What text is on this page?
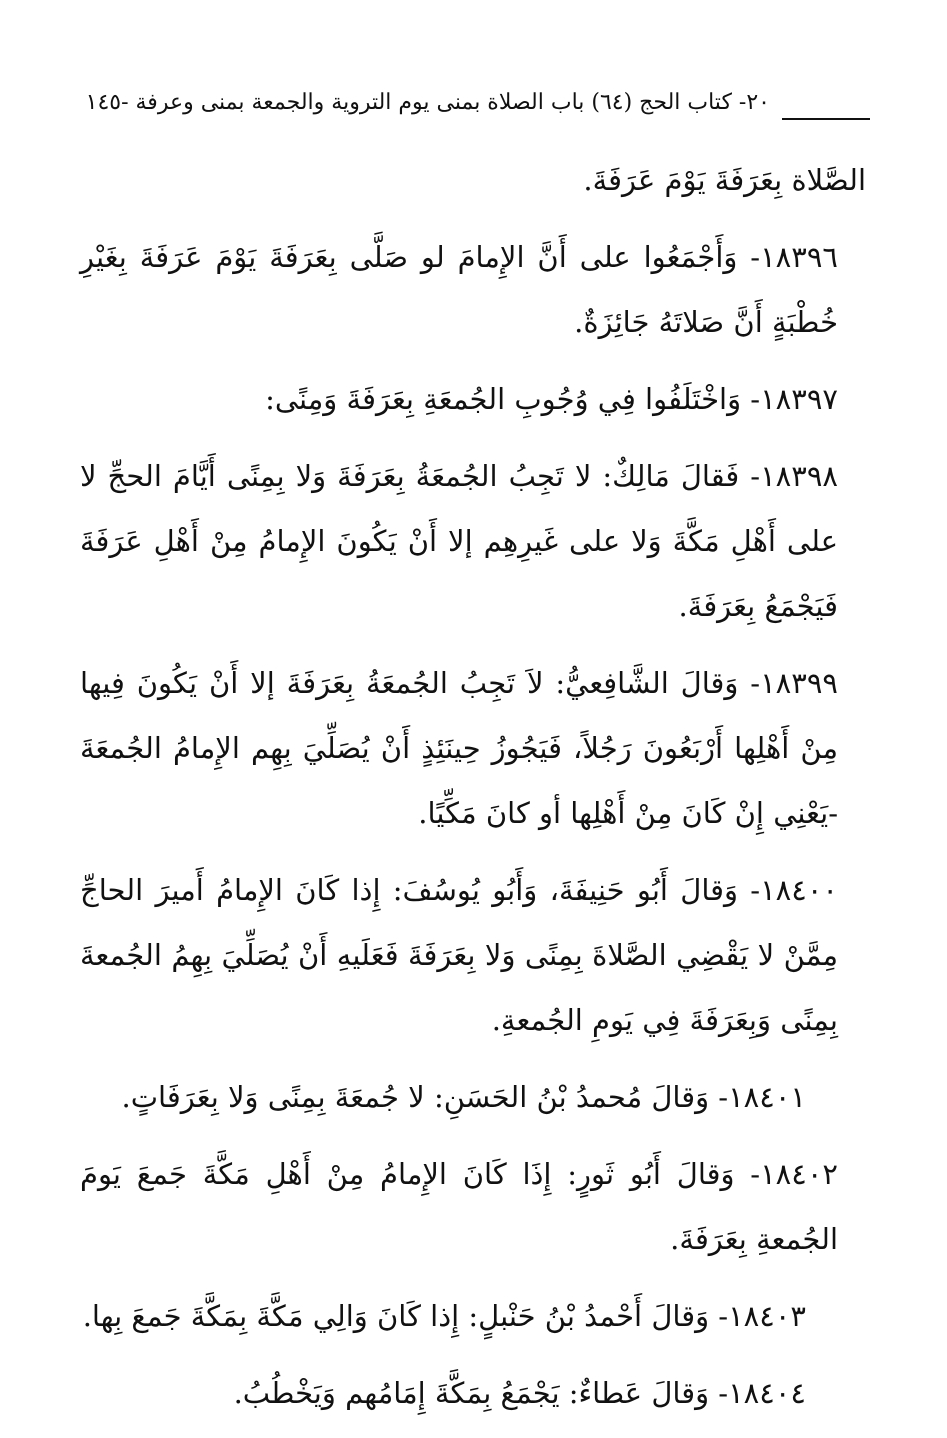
٢٠- كتاب الحج (٦٤) باب الصلاة بمنى يوم التروية والجمعة بمنى وعرفة -١٤٥

الصَّلاة بِعَرَفَةَ يَوْمَ عَرَفَةَ.

١٨٣٩٦- وَأَجْمَعُوا على أَنَّ الإِمامَ لو صَلَّى بِعَرَفَةَ يَوْمَ عَرَفَةَ بِغَيْرِ خُطْبَةٍ أَنَّ صَلاتَهُ جَائِزَةٌ.

١٨٣٩٧- وَاخْتَلَفُوا فِي وُجُوبِ الجُمعَةِ بِعَرَفَةَ وَمِنًى:

١٨٣٩٨- فَقالَ مَالِكٌ: لا تَجِبُ الجُمعَةُ بِعَرَفَةَ وَلا بِمِنًى أَيَّامَ الحجِّ لا على أَهْلِ مَكَّةَ وَلا على غَيرِهِم إلا أَنْ يَكُونَ الإِمامُ مِنْ أَهْلِ عَرَفَةَ فَيَجْمَعُ بِعَرَفَةَ.

١٨٣٩٩- وَقالَ الشَّافِعيُّ: لاَ تَجِبُ الجُمعَةُ بِعَرَفَةَ إلا أَنْ يَكُونَ فِيها مِنْ أَهْلِها أَرْبَعُونَ رَجُلاً، فَيَجُوزُ حِينَئِذٍ أَنْ يُصَلِّيَ بِهِم الإِمامُ الجُمعَةَ -يَعْنِي إِنْ كَانَ مِنْ أَهْلِها أو كانَ مَكِّيًا.

١٨٤٠٠- وَقالَ أَبُو حَنِيفَةَ، وَأَبُو يُوسُفَ: إِذا كَانَ الإِمامُ أَميرَ الحاجِّ مِمَّنْ لا يَقْضِي الصَّلاةَ بِمِنًى وَلا بِعَرَفَةَ فَعَلَيهِ أَنْ يُصَلِّيَ بِهِمُ الجُمعةَ بِمِنًى وَبِعَرَفَةَ فِي يَومِ الجُمعةِ.

١٨٤٠١- وَقالَ مُحمدُ بْنُ الحَسَنِ: لا جُمعَةَ بِمِنًى وَلا بِعَرَفَاتٍ.

١٨٤٠٢- وَقالَ أَبُو ثَورٍ: إِذَا كَانَ الإِمامُ مِنْ أَهْلِ مَكَّةَ جَمعَ يَومَ الجُمعةِ بِعَرَفَةَ.

١٨٤٠٣- وَقالَ أَحْمدُ بْنُ حَنْبلٍ: إِذا كَانَ وَالِي مَكَّةَ بِمَكَّةَ جَمعَ بِها.

١٨٤٠٤- وَقالَ عَطاءٌ: يَجْمَعُ بِمَكَّةَ إِمَامُهم وَيَخْطُبُ.
